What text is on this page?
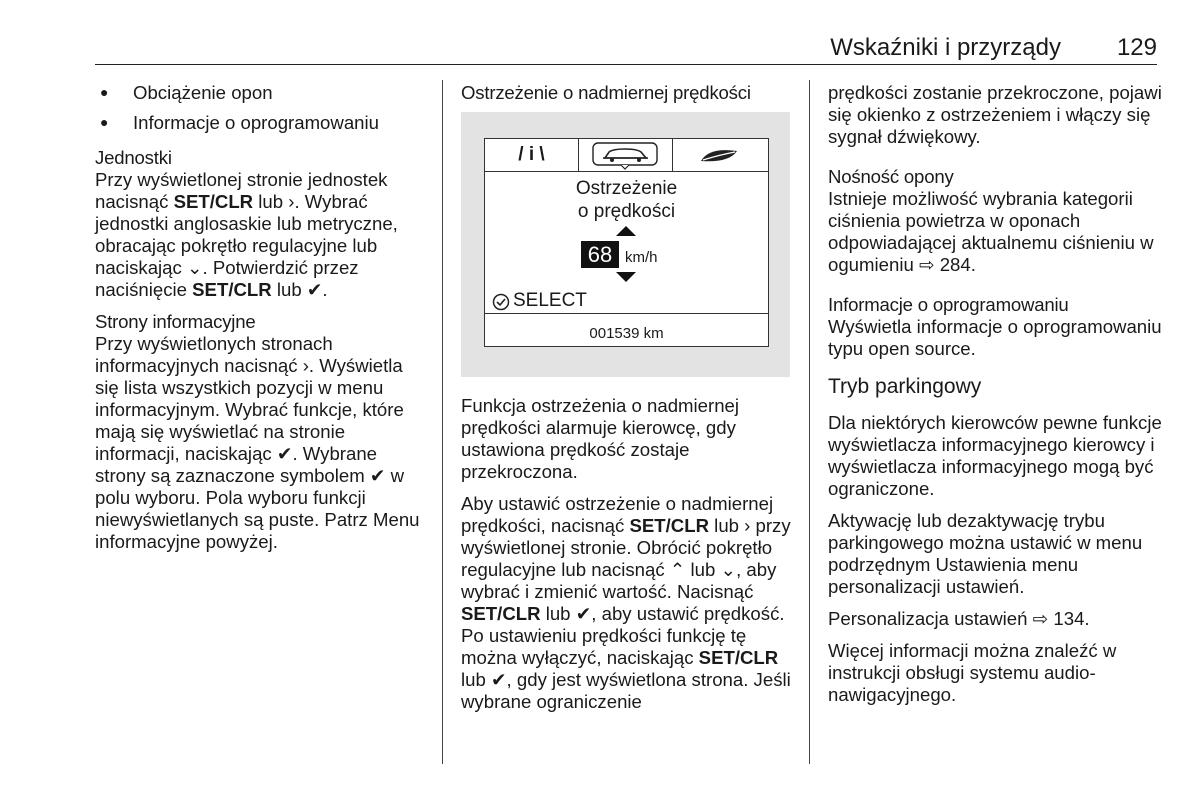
Wskaźniki i przyrządy 129
● Obciążenie opon
● Informacje o oprogramowaniu

Jednostki
Przy wyświetlonej stronie jednostek nacisnąć SET/CLR lub ›. Wybrać jednostki anglosaskie lub metryczne, obracając pokrętło regulacyjne lub naciskając ⌄. Potwierdzić przez naciśnięcie SET/CLR lub ✔.

Strony informacyjne
Przy wyświetlonych stronach informacyjnych nacisnąć ›. Wyświetla się lista wszystkich pozycji w menu informacyjnym. Wybrać funkcje, które mają się wyświetlać na stronie informacji, naciskając ✔. Wybrane strony są zaznaczone symbolem ✔ w polu wyboru. Pola wyboru funkcji niewyświetlanych są puste. Patrz Menu informacyjne powyżej.

Ostrzeżenie o nadmiernej prędkości
/ i \
Ostrzeżenie
o prędkości
68 km/h
SELECT
001539 km

Funkcja ostrzeżenia o nadmiernej prędkości alarmuje kierowcę, gdy ustawiona prędkość zostaje przekroczona.

Aby ustawić ostrzeżenie o nadmiernej prędkości, nacisnąć SET/CLR lub › przy wyświetlonej stronie. Obrócić pokrętło regulacyjne lub nacisnąć ⌃ lub ⌄, aby wybrać i zmienić wartość. Nacisnąć SET/CLR lub ✔, aby ustawić prędkość. Po ustawieniu prędkości funkcję tę można wyłączyć, naciskając SET/CLR lub ✔, gdy jest wyświetlona strona. Jeśli wybrane ograniczenie

prędkości zostanie przekroczone, pojawi się okienko z ostrzeżeniem i włączy się sygnał dźwiękowy.

Nośność opony
Istnieje możliwość wybrania kategorii ciśnienia powietrza w oponach odpowiadającej aktualnemu ciśnieniu w ogumieniu ⇨ 284.

Informacje o oprogramowaniu
Wyświetla informacje o oprogramowaniu typu open source.

Tryb parkingowy

Dla niektórych kierowców pewne funkcje wyświetlacza informacyjnego kierowcy i wyświetlacza informacyjnego mogą być ograniczone.

Aktywację lub dezaktywację trybu parkingowego można ustawić w menu podrzędnym Ustawienia menu personalizacji ustawień.

Personalizacja ustawień ⇨ 134.

Więcej informacji można znaleźć w instrukcji obsługi systemu audio-nawigacyjnego.
